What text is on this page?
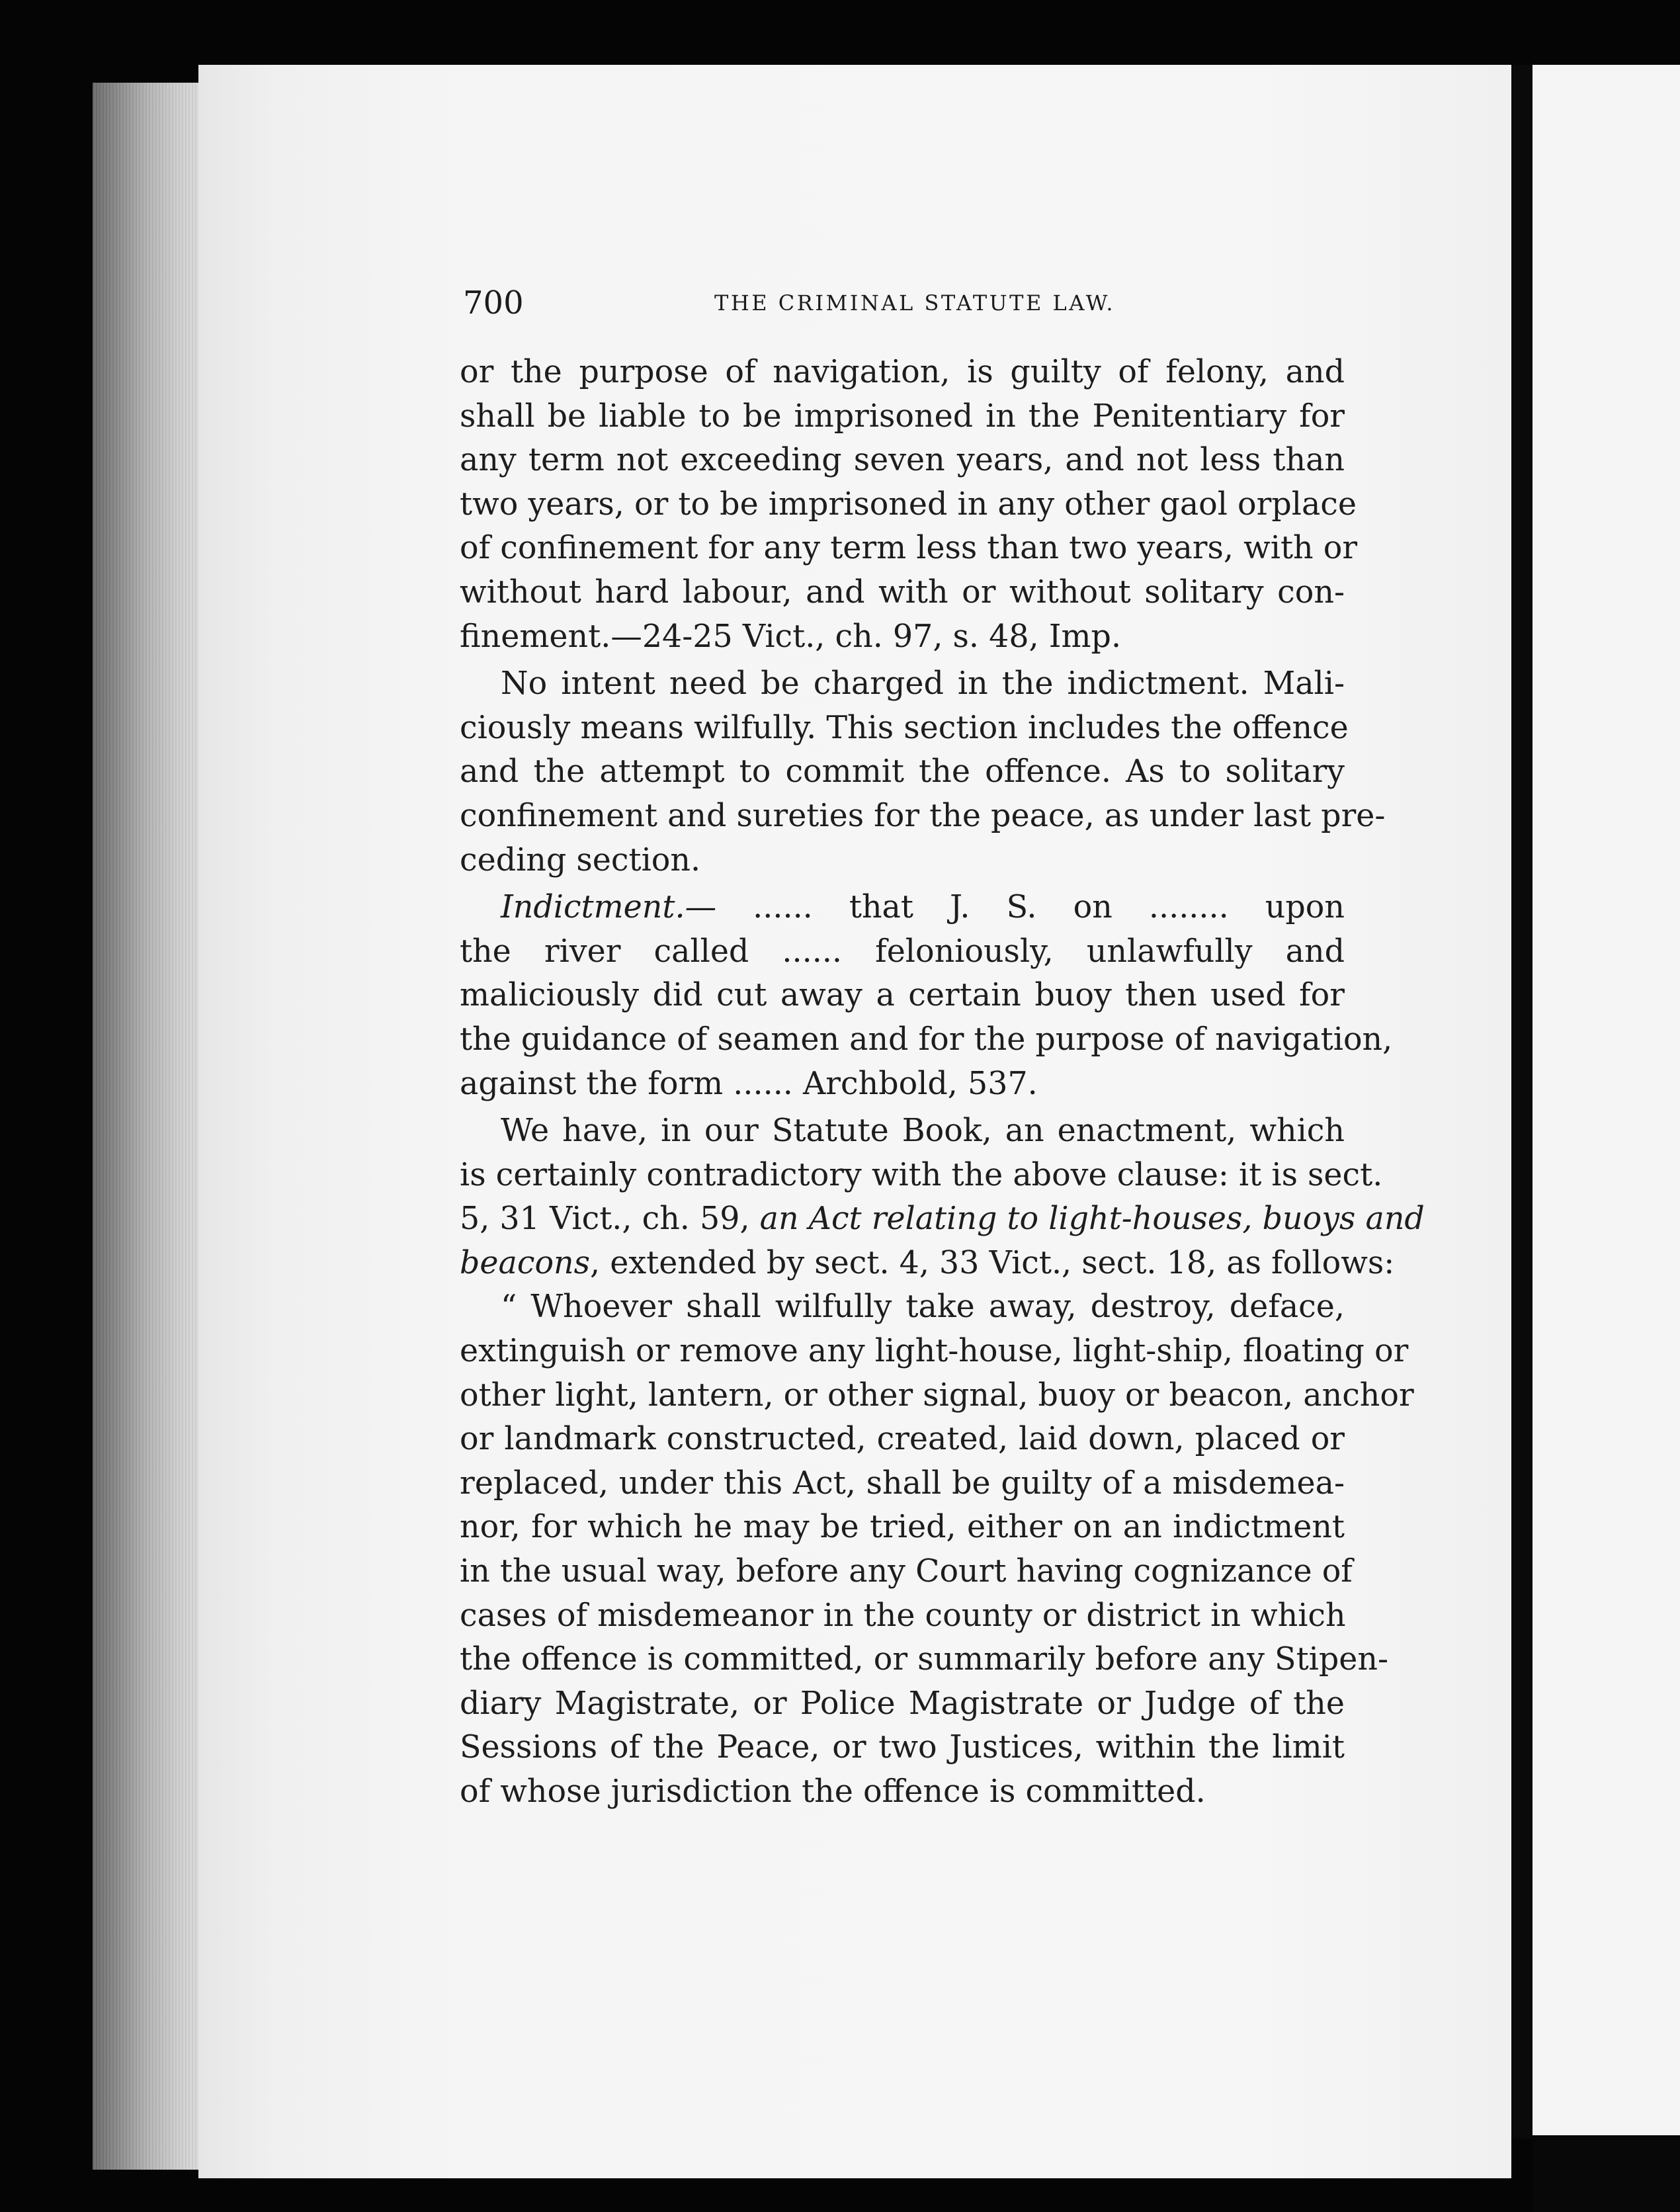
700	THE CRIMINAL STATUTE LAW.
or the purpose of navigation, is guilty of felony, and
shall be liable to be imprisoned in the Penitentiary for
any term not exceeding seven years, and not less than
two years, or to be imprisoned in any other gaol orplace
of confinement for any term less than two years, with or
without hard labour, and with or without solitary con-
finement.—24-25 Vict., ch. 97, s. 48, Imp.
No intent need be charged in the indictment. Mali-
ciously means wilfully. This section includes the offence
and the attempt to commit the offence. As to solitary
confinement and sureties for the peace, as under last pre-
ceding section.
Indictment.— ...... that J. S. on ........ upon
the river called ...... feloniously, unlawfully and
maliciously did cut away a certain buoy then used for
the guidance of seamen and for the purpose of navigation,
against the form ...... Archbold, 537.
We have, in our Statute Book, an enactment, which
is certainly contradictory with the above clause: it is sect.
5, 31 Vict., ch. 59, an Act relating to light-houses, buoys and
beacons, extended by sect. 4, 33 Vict., sect. 18, as follows:
“ Whoever shall wilfully take away, destroy, deface,
extinguish or remove any light-house, light-ship, floating or
other light, lantern, or other signal, buoy or beacon, anchor
or landmark constructed, created, laid down, placed or
replaced, under this Act, shall be guilty of a misdemea-
nor, for which he may be tried, either on an indictment
in the usual way, before any Court having cognizance of
cases of misdemeanor in the county or district in which
the offence is committed, or summarily before any Stipen-
diary Magistrate, or Police Magistrate or Judge of the
Sessions of the Peace, or two Justices, within the limit
of whose jurisdiction the offence is committed.
